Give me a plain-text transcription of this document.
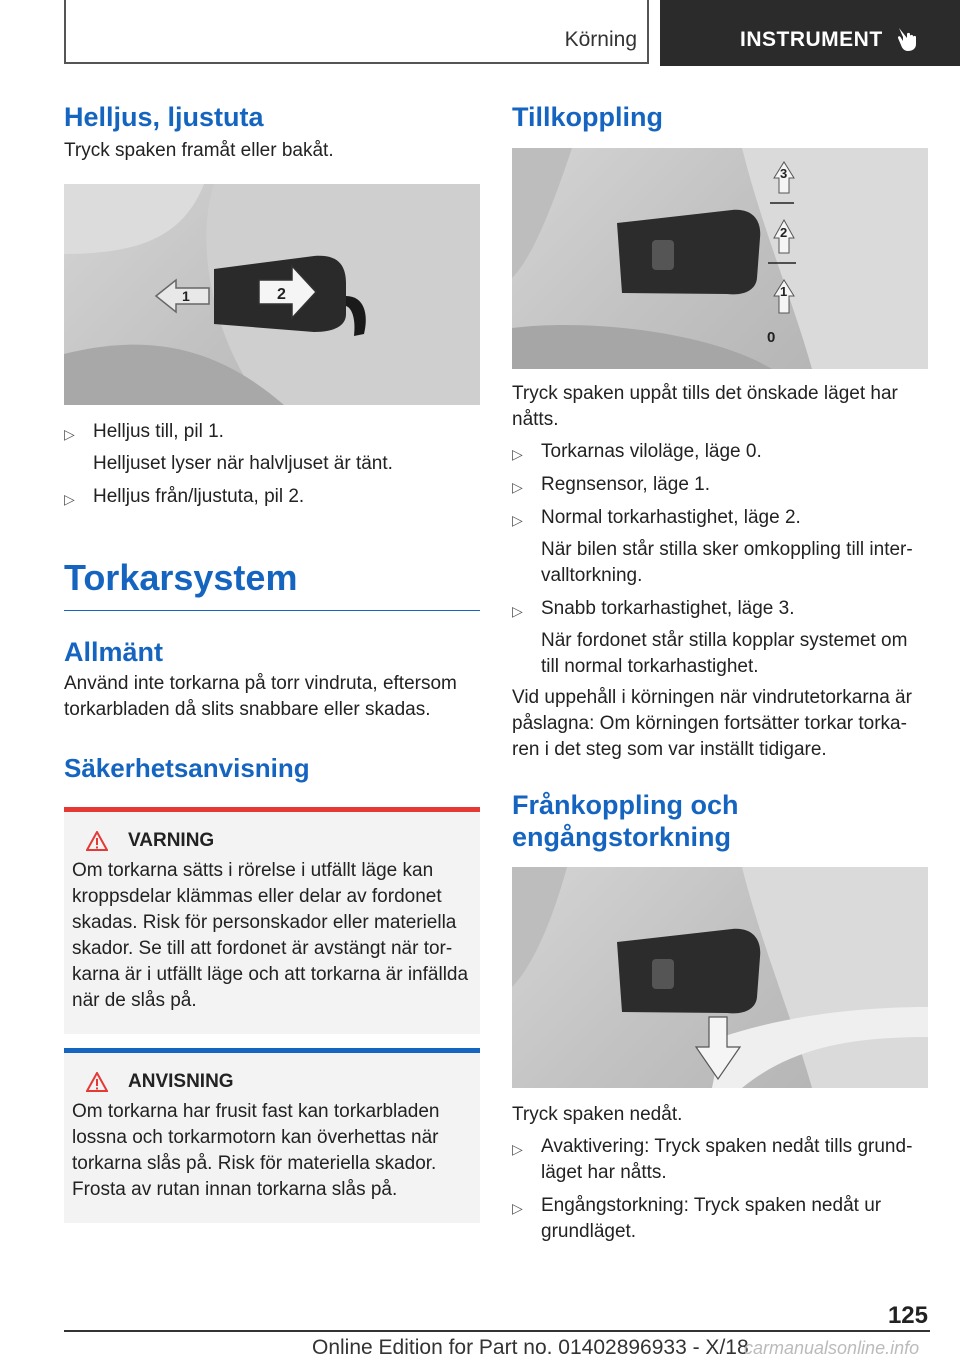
Körning	INSTRUMENT
Helljus, ljustuta

Tryck spaken framåt eller bakåt.

1	2
▷ Helljus till, pil 1.
Helljuset lyser när halvljuset är tänt.
▷ Helljus från/ljustuta, pil 2.
Torkarsystem
Allmänt

Använd inte torkarna på torr vindruta, eftersom torkarbladen då slits snabbare eller skadas.

Säkerhetsanvisning
VARNING

Om torkarna sätts i rörelse i utfällt läge kan kroppsdelar klämmas eller delar av fordonet skadas. Risk för personskador eller materiella skador. Se till att fordonet är avstängt när torkarna är i utfällt läge och att torkarna är infällda när de slås på.

ANVISNING

Om torkarna har frusit fast kan torkarbladen lossna och torkarmotorn kan överhettas när torkarna slås på. Risk för materiella skador. Frosta av rutan innan torkarna slås på.

Tillkoppling
3
2
1
0

Tryck spaken uppåt tills det önskade läget har nåtts.

▷ Torkarnas viloläge, läge 0.
▷ Regnsensor, läge 1.
▷ Normal torkarhastighet, läge 2.
När bilen står stilla sker omkoppling till intervalltorkning.
▷ Snabb torkarhastighet, läge 3.
När fordonet står stilla kopplar systemet om till normal torkarhastighet.

Vid uppehåll i körningen när vindrutetorkarna är påslagna: Om körningen fortsätter torkar torkaren i det steg som var inställt tidigare.

Frånkoppling och
engångstorkning

Tryck spaken nedåt.

▷ Avaktivering: Tryck spaken nedåt tills grundläget har nåtts.
▷ Engångstorkning: Tryck spaken nedåt ur grundläget.
125
Online Edition for Part no. 01402896933 - X/18
carmanualsonline.info
